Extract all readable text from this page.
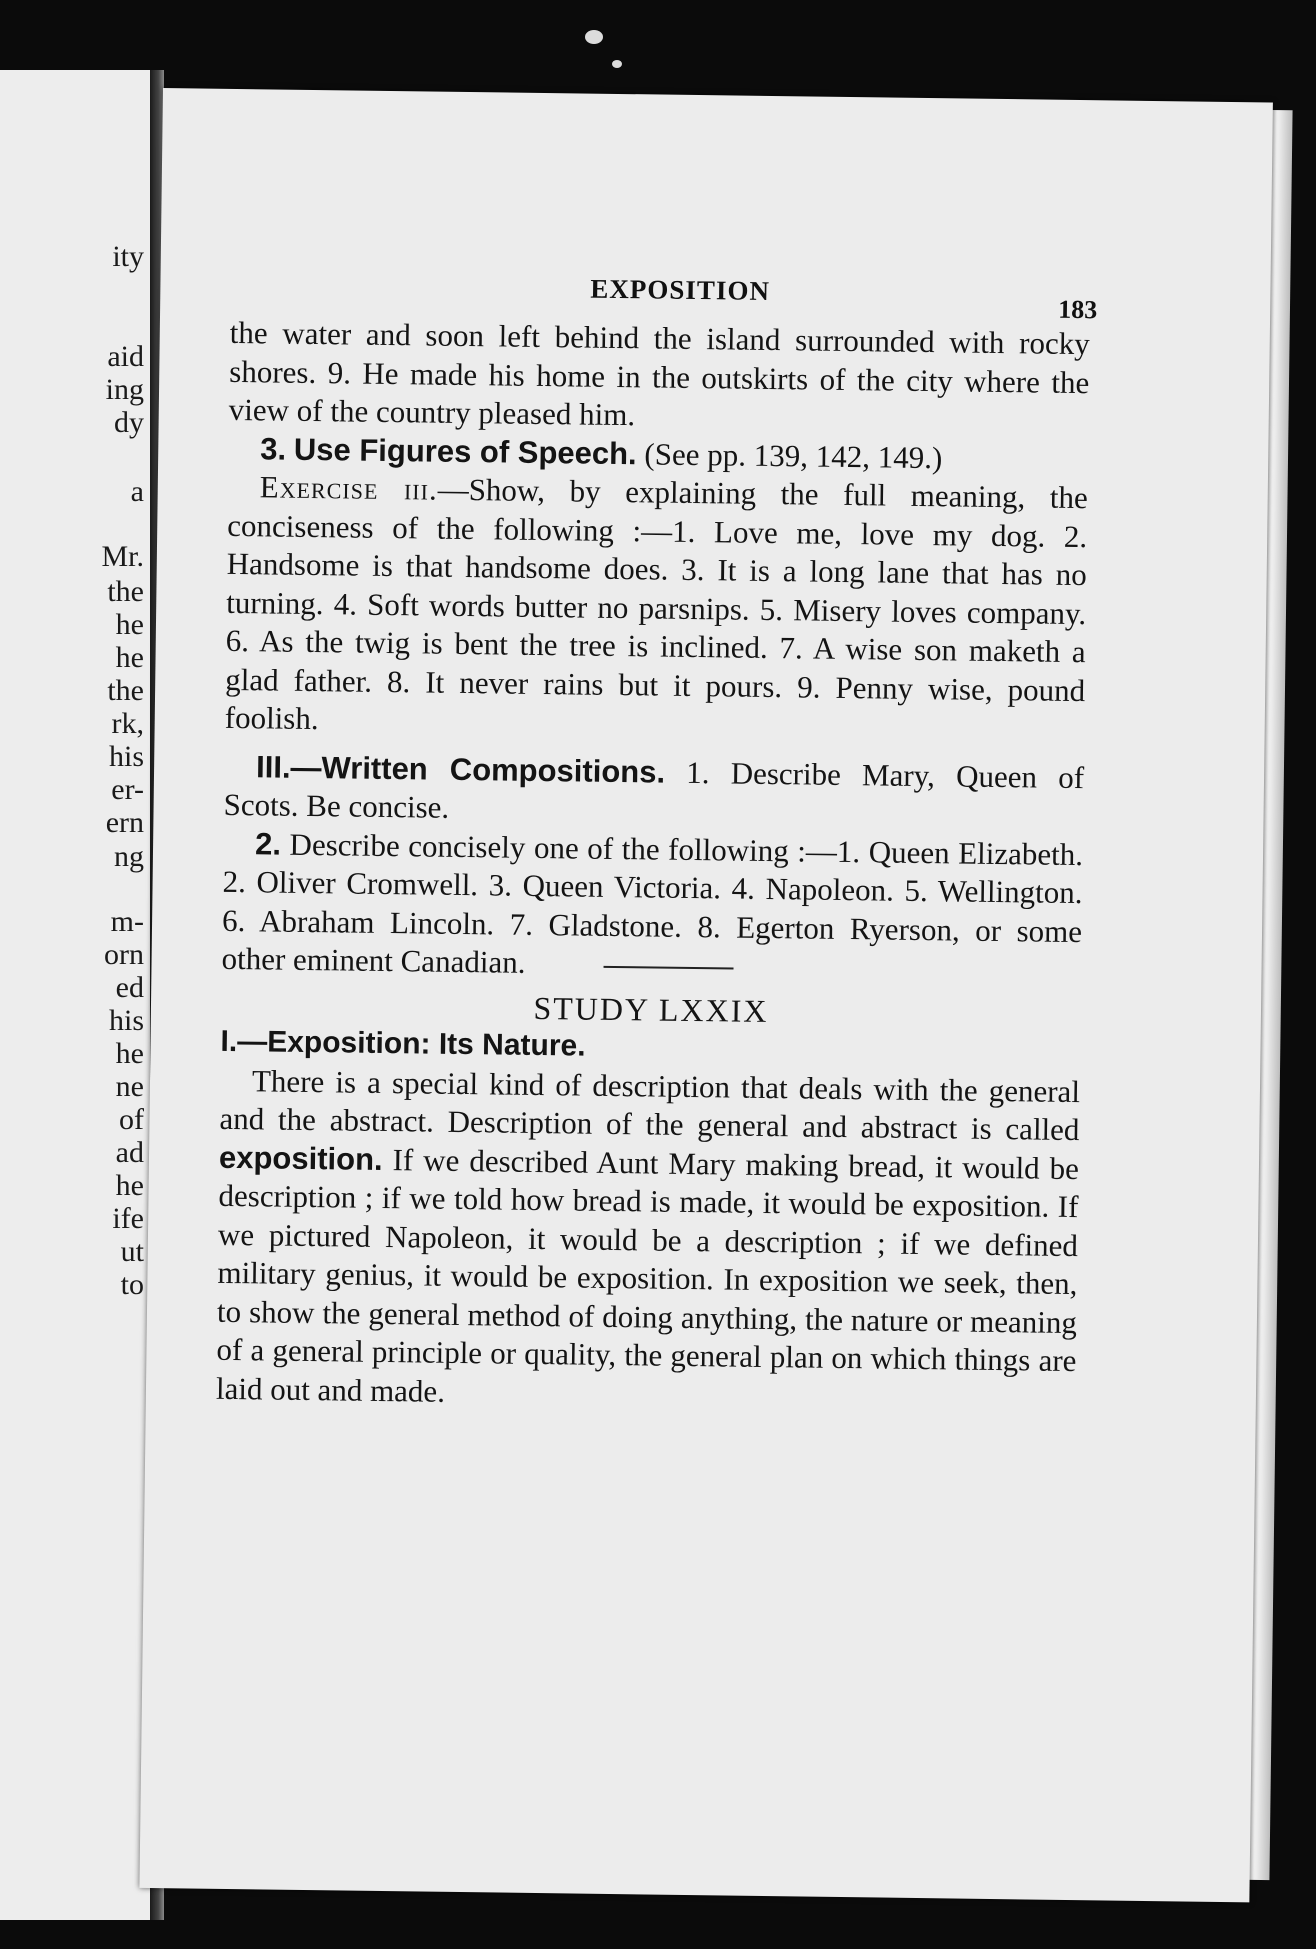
ity
aid
ing
dy
a
Mr.
the
he
he
the
rk,
his
er-
ern
ng
m-
orn
ed
his
he
ne
of
ad
he
ife
ut
to
EXPOSITION
183

the water and soon left behind the island surrounded with rocky shores. 9. He made his home in the outskirts of the city where the view of the country pleased him.

3. Use Figures of Speech. (See pp. 139, 142, 149.)

Exercise iii.—Show, by explaining the full meaning, the conciseness of the following :—1. Love me, love my dog. 2. Handsome is that handsome does. 3. It is a long lane that has no turning. 4. Soft words butter no parsnips. 5. Misery loves company. 6. As the twig is bent the tree is inclined. 7. A wise son maketh a glad father. 8. It never rains but it pours. 9. Penny wise, pound foolish.

III.—Written Compositions. 1. Describe Mary, Queen of Scots. Be concise.

2. Describe concisely one of the following :—1. Queen Elizabeth. 2. Oliver Cromwell. 3. Queen Victoria. 4. Napoleon. 5. Wellington. 6. Abraham Lincoln. 7. Gladstone. 8. Egerton Ryerson, or some other eminent Canadian.

STUDY LXXIX

I.—Exposition: Its Nature.

There is a special kind of description that deals with the general and the abstract. Description of the general and abstract is called exposition. If we described Aunt Mary making bread, it would be description ; if we told how bread is made, it would be exposition. If we pictured Napoleon, it would be a description ; if we defined military genius, it would be exposition. In exposition we seek, then, to show the general method of doing anything, the nature or meaning of a general principle or quality, the general plan on which things are laid out and made.
